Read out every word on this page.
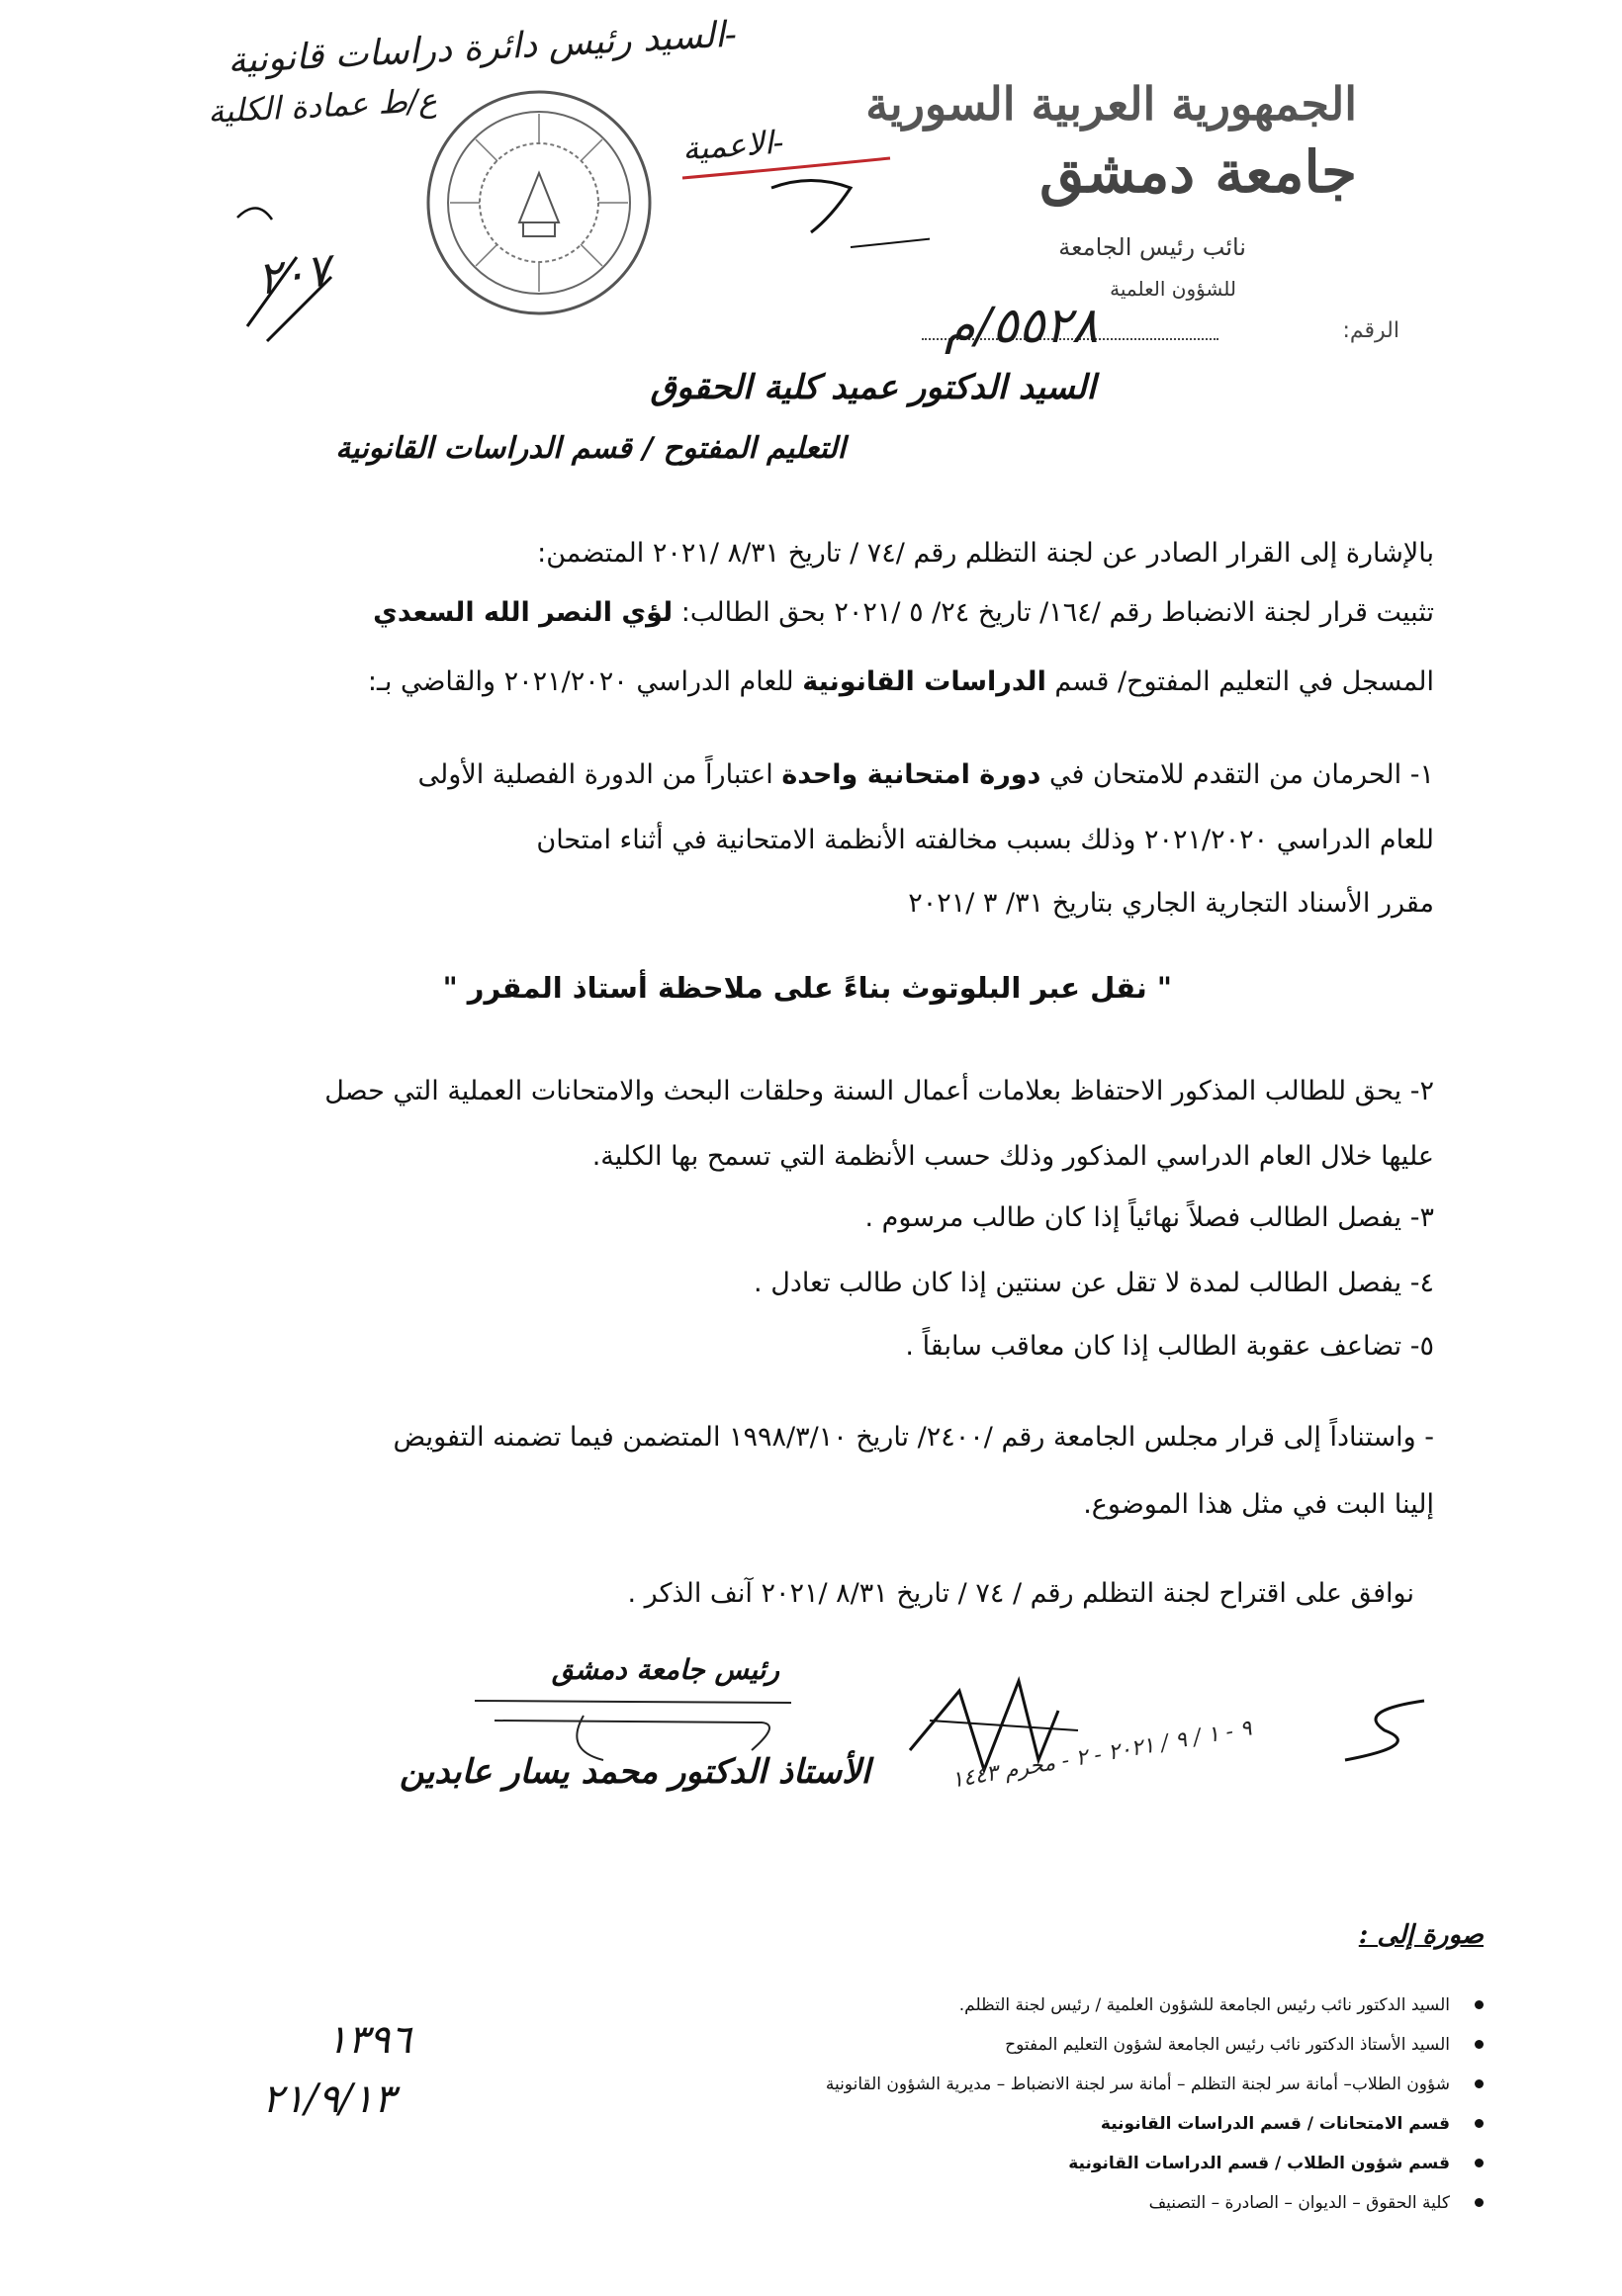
-السيد رئيس دائرة دراسات قانونية
ع/ط عمادة الكلية
-الاعمية
٢٠٧
الجمهورية العربية السورية
جامعة دمشق
نائب رئيس الجامعة
للشؤون العلمية
الرقم:
٥٥٢٨/م
السيد الدكتور عميد كلية الحقوق
التعليم المفتوح / قسم الدراسات القانونية
بالإشارة إلى القرار الصادر عن لجنة التظلم رقم /٧٤ / تاريخ ٨/٣١ /٢٠٢١ المتضمن:
تثبيت قرار لجنة الانضباط رقم /١٦٤/ تاريخ ٢٤/ ٥ /٢٠٢١ بحق الطالب: لؤي النصر الله السعدي
المسجل في التعليم المفتوح/ قسم الدراسات القانونية للعام الدراسي ٢٠٢١/٢٠٢٠ والقاضي بـ:
١- الحرمان من التقدم للامتحان في دورة امتحانية واحدة اعتباراً من الدورة الفصلية الأولى
للعام الدراسي ٢٠٢١/٢٠٢٠ وذلك بسبب مخالفته الأنظمة الامتحانية في أثناء امتحان
مقرر الأسناد التجارية الجاري بتاريخ ٣١/ ٣ /٢٠٢١
" نقل عبر البلوتوث بناءً على ملاحظة أستاذ المقرر "
٢- يحق للطالب المذكور الاحتفاظ بعلامات أعمال السنة وحلقات البحث والامتحانات العملية التي حصل
عليها خلال العام الدراسي المذكور وذلك حسب الأنظمة التي تسمح بها الكلية.
٣- يفصل الطالب فصلاً نهائياً إذا كان طالب مرسوم .
٤- يفصل الطالب لمدة لا تقل عن سنتين إذا كان طالب تعادل .
٥- تضاعف عقوبة الطالب إذا كان معاقب سابقاً .
- واستناداً إلى قرار مجلس الجامعة رقم /٢٤٠٠/ تاريخ ١٩٩٨/٣/١٠ المتضمن فيما تضمنه التفويض
إلينا البت في مثل هذا الموضوع.
نوافق على اقتراح لجنة التظلم رقم / ٧٤ / تاريخ ٨/٣١ /٢٠٢١ آنف الذكر .
رئيس جامعة دمشق
الأستاذ الدكتور محمد يسار عابدين	٩ - ١ / ٩ / ٢٠٢١ - ٢ - محرم ١٤٤٣
صورة إلى :
السيد الدكتور نائب رئيس الجامعة للشؤون العلمية / رئيس لجنة التظلم.
السيد الأستاذ الدكتور نائب رئيس الجامعة لشؤون التعليم المفتوح
شؤون الطلاب– أمانة سر لجنة التظلم – أمانة سر لجنة الانضباط – مديرية الشؤون القانونية
قسم الامتحانات / قسم الدراسات القانونية
قسم شؤون الطلاب / قسم الدراسات القانونية
كلية الحقوق – الديوان – الصادرة – التصنيف
١٣٩٦
٢١/٩/١٣
